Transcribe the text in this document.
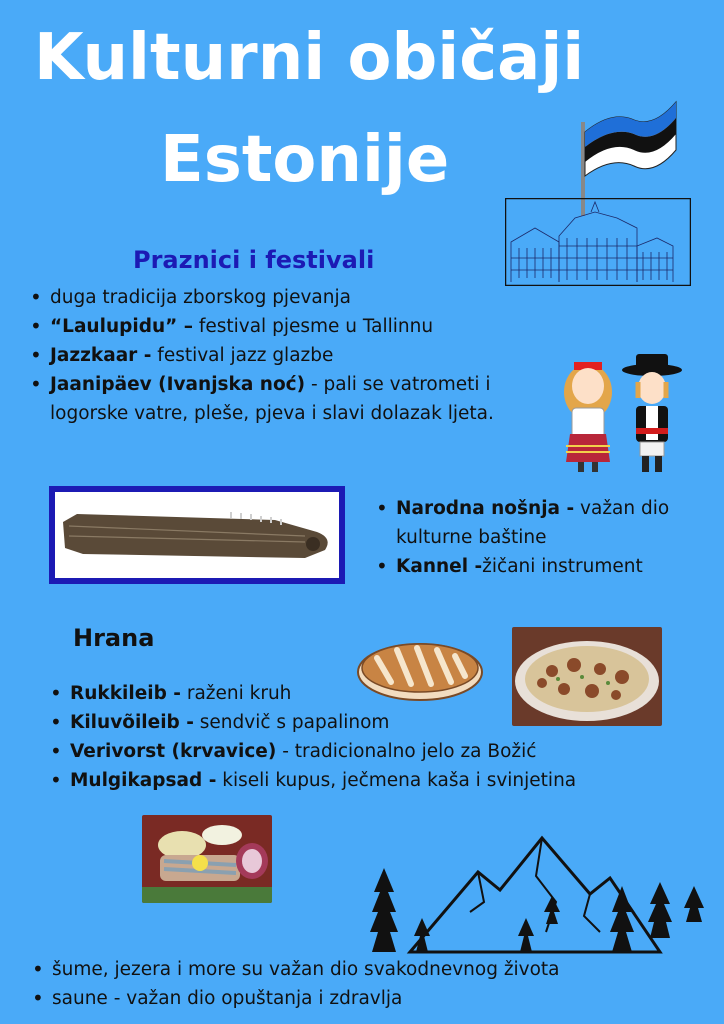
Kulturni običaji
Estonije
Praznici i festivali
• duga tradicija zborskog pjevanja
• “Laulupidu” – festival pjesme u Tallinnu
• Jazzkaar - festival jazz glazbe
• Jaanipäev (Ivanjska noć) - pali se vatrometi i
logorske vatre, pleše, pjeva i slavi dolazak ljeta.
• Narodna nošnja - važan dio
kulturne baštine
• Kannel -žičani instrument
Hrana
• Rukkileib - raženi kruh
• Kiluvõileib - sendvič s papalinom
• Verivorst (krvavice) - tradicionalno jelo za Božić
• Mulgikapsad - kiseli kupus, ječmena kaša i svinjetina
• šume, jezera i more su važan dio svakodnevnog života
• saune - važan dio opuštanja i zdravlja
